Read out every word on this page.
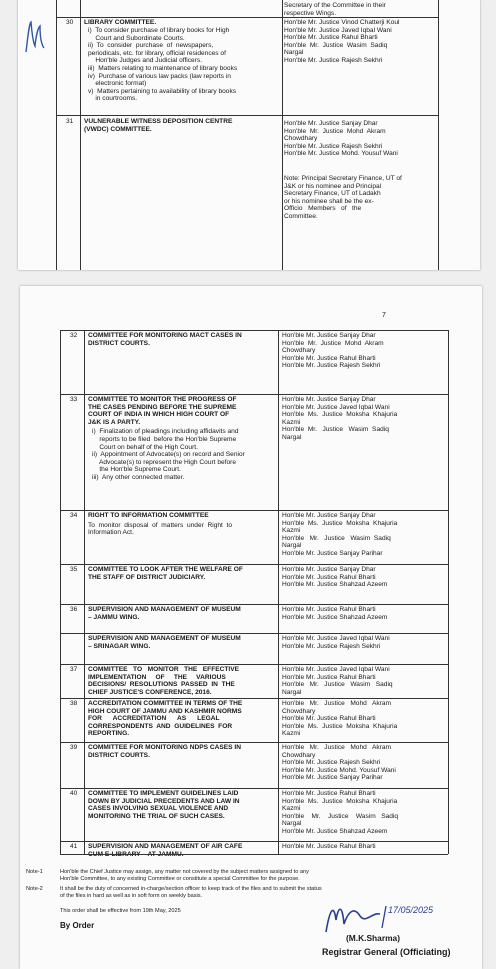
Secretary of the Committee in their
respective Wings.
30 LIBRARY COMMITTEE.
i)  To consider purchase of library books for High
Court and Subordinate Courts.
ii)  To  consider  purchase  of  newspapers,
periodicals, etc. for library, official residences of
Hon'ble Judges and Judicial officers.
iii)  Matters relating to maintenance of library books
iv)  Purchase of various law packs (law reports in
electronic format)
v)  Matters pertaining to availability of library books
in courtrooms.
Hon'ble Mr. Justice Vinod Chatterji Koul
Hon'ble Mr. Justice Javed Iqbal Wani
Hon'ble Mr. Justice Rahul Bharti
Hon'ble  Mr.  Justice  Wasim  Sadiq
Nargal
Hon'ble Mr. Justice Rajesh Sekhri
31 VULNERABLE WITNESS DEPOSITION CENTRE
(VWDC) COMMITTEE.
Hon'ble Mr. Justice Sanjay Dhar
Hon'ble  Mr.  Justice  Mohd  Akram
Chowdhary
Hon'ble Mr. Justice Rajesh Sekhri
Hon'ble Mr. Justice Mohd. Yousuf Wani
Note: Principal Secretary Finance, UT of
J&K or his nominee and Principal
Secretary Finance, UT of Ladakh
or his nominee shall be the ex-
Officio   Members   of   the
Committee.
7
32 COMMITTEE FOR MONITORING MACT CASES IN
DISTRICT COURTS.
Hon'ble Mr. Justice Sanjay Dhar
Hon'ble  Mr.  Justice  Mohd  Akram
Chowdhary
Hon'ble Mr. Justice Rahul Bharti
Hon'ble Mr. Justice Rajesh Sekhri
33 COMMITTEE TO MONITOR THE PROGRESS OF
THE CASES PENDING BEFORE THE SUPREME
COURT OF INDIA IN WHICH HIGH COURT OF
J&K IS A PARTY.
i)  Finalization of pleadings including affidavits and
reports to be filed  before the Hon'ble Supreme
Court on behalf of the High Court.
ii)  Appointment of Advocate(s) on record and Senior
Advocate(s) to represent the High Court before
the Hon'ble Supreme Court.
iii)  Any other connected matter.
Hon'ble Mr. Justice Sanjay Dhar
Hon'ble Mr. Justice Javed Iqbal Wani
Hon'ble  Ms.  Justice  Moksha  Khajuria
Kazmi
Hon'ble  Mr.   Justice   Wasim  Sadiq
Nargal
34 RIGHT TO INFORMATION COMMITTEE
To  monitor  disposal  of  matters  under  Right  to
Information Act.
Hon'ble Mr. Justice Sanjay Dhar
Hon'ble  Ms.  Justice  Moksha  Khajuria
Kazmi
Hon'ble   Mr.   Justice   Wasim  Sadiq
Nargal
Hon'ble Mr. Justice Sanjay Parihar
35 COMMITTEE TO LOOK AFTER THE WELFARE OF
THE STAFF OF DISTRICT JUDICIARY.
Hon'ble Mr. Justice Sanjay Dhar
Hon'ble Mr. Justice Rahul Bharti
Hon'ble Mr. Justice Shahzad Azeem
36 SUPERVISION AND MANAGEMENT OF MUSEUM
– JAMMU WING.
Hon'ble Mr. Justice Rahul Bharti
Hon'ble Mr. Justice Shahzad Azeem
SUPERVISION AND MANAGEMENT OF MUSEUM
– SRINAGAR WING.
Hon'ble Mr. Justice Javed Iqbal Wani
Hon'ble Mr. Justice Rajesh Sekhri
37 COMMITTEE   TO   MONITOR   THE   EFFECTIVE
IMPLEMENTATION     OF     THE     VARIOUS
DECISIONS/  RESOLUTIONS  PASSED  IN  THE
CHIEF JUSTICE'S CONFERENCE, 2016.
Hon'ble Mr. Justice Javed Iqbal Wani
Hon'ble Mr. Justice Rahul Bharti
Hon'ble   Mr.   Justice   Wasim   Sadiq
Nargal
38 ACCREDITATION COMMITTEE IN TERMS OF THE
HIGH COURT OF JAMMU AND KASHMIR NORMS
FOR      ACCREDITATION      AS      LEGAL
CORRESPONDENTS  AND  GUIDELINES  FOR
REPORTING.
Hon'ble   Mr.   Justice   Mohd   Akram
Chowdhary
Hon'ble Mr. Justice Rahul Bharti
Hon'ble  Ms.  Justice  Moksha  Khajuria
Kazmi
39 COMMITTEE FOR MONITORING NDPS CASES IN
DISTRICT COURTS.
Hon'ble   Mr.   Justice   Mohd   Akram
Chowdhary
Hon'ble Mr. Justice Rajesh Sekhri
Hon'ble Mr. Justice Mohd. Yousuf Wani
Hon'ble Mr. Justice Sanjay Parihar
40 COMMITTEE TO IMPLEMENT GUIDELINES LAID
DOWN BY JUDICIAL PRECEDENTS AND LAW IN
CASES INVOLVING SEXUAL VIOLENCE AND
MONITORING THE TRIAL OF SUCH CASES.
Hon'ble Mr. Justice Rahul Bharti
Hon'ble  Ms.  Justice  Moksha  Khajuria
Kazmi
Hon'ble    Mr.    Justice    Wasim   Sadiq
Nargal
Hon'ble Mr. Justice Shahzad Azeem
41 SUPERVISION AND MANAGEMENT OF AIR CAFE
CUM E-LIBRARY – AT JAMMU.
Hon'ble Mr. Justice Rahul Bharti
Note-1	Hon'ble the Chief Justice may assign, any matter not covered by the subject matters assigned to any
Hon'ble Committee, to any existing Committee or constitute a special Committee for the purpose.
Note-2	It shall be the duty of concerned in-charge/section officer to keep track of the files and to submit the status
of the files in hard as well as in soft form on weekly basis.
This order shall be effective from 19th May, 2025
By Order
17/05/2025
(M.K.Sharma)
Registrar General (Officiating)
